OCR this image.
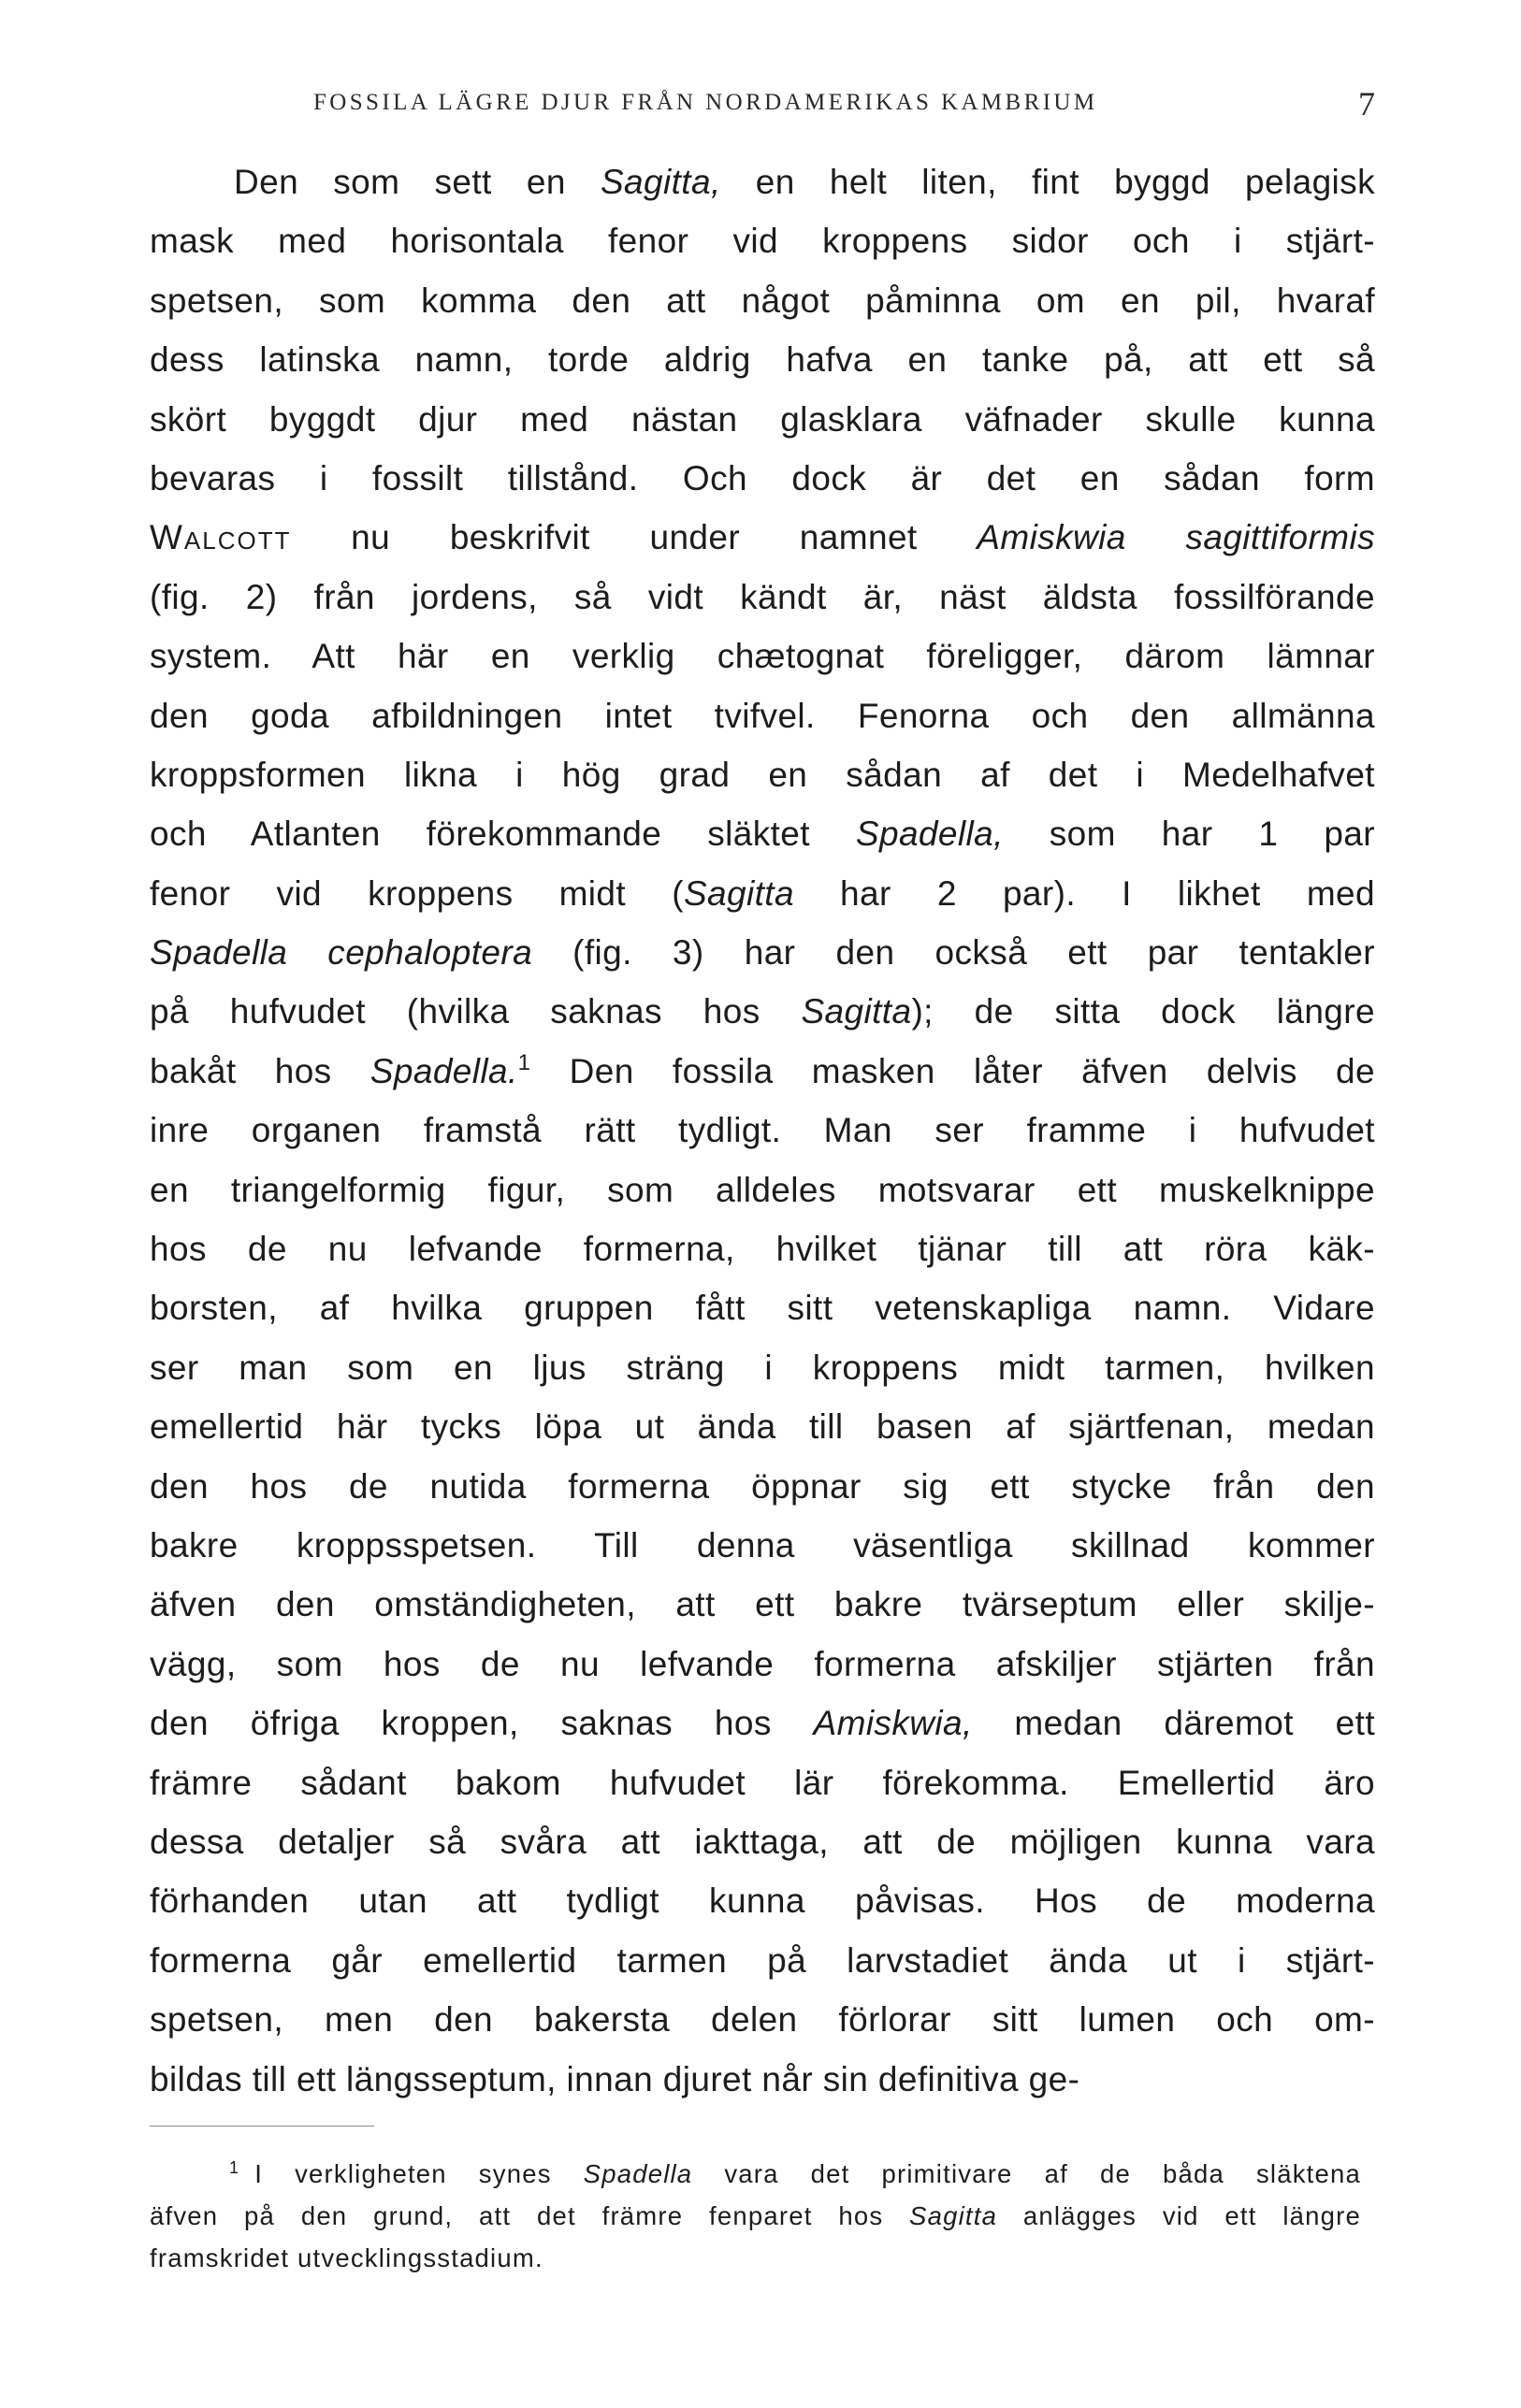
FOSSILA LÄGRE DJUR FRÅN NORDAMERIKAS KAMBRIUM	7
Den som sett en Sagitta, en helt liten, fint byggd pelagisk
mask med horisontala fenor vid kroppens sidor och i stjärt-
spetsen, som komma den att något påminna om en pil, hvaraf
dess latinska namn, torde aldrig hafva en tanke på, att ett så
skört byggdt djur med nästan glasklara väfnader skulle kunna
bevaras i fossilt tillstånd. Och dock är det en sådan form
Walcott nu beskrifvit under namnet Amiskwia sagittiformis
(fig. 2) från jordens, så vidt kändt är, näst äldsta fossilförande
system. Att här en verklig chætognat föreligger, därom lämnar
den goda afbildningen intet tvifvel. Fenorna och den allmänna
kroppsformen likna i hög grad en sådan af det i Medelhafvet
och Atlanten förekommande släktet Spadella, som har 1 par
fenor vid kroppens midt (Sagitta har 2 par). I likhet med
Spadella cephaloptera (fig. 3) har den också ett par tentakler
på hufvudet (hvilka saknas hos Sagitta); de sitta dock längre
bakåt hos Spadella.$^1$ Den fossila masken låter äfven delvis de
inre organen framstå rätt tydligt. Man ser framme i hufvudet
en triangelformig figur, som alldeles motsvarar ett muskelknippe
hos de nu lefvande formerna, hvilket tjänar till att röra käk-
borsten, af hvilka gruppen fått sitt vetenskapliga namn. Vidare
ser man som en ljus sträng i kroppens midt tarmen, hvilken
emellertid här tycks löpa ut ända till basen af sjärtfenan, medan
den hos de nutida formerna öppnar sig ett stycke från den
bakre kroppsspetsen. Till denna väsentliga skillnad kommer
äfven den omständigheten, att ett bakre tvärseptum eller skilje-
vägg, som hos de nu lefvande formerna afskiljer stjärten från
den öfriga kroppen, saknas hos Amiskwia, medan däremot ett
främre sådant bakom hufvudet lär förekomma. Emellertid äro
dessa detaljer så svåra att iakttaga, att de möjligen kunna vara
förhanden utan att tydligt kunna påvisas. Hos de moderna
formerna går emellertid tarmen på larvstadiet ända ut i stjärt-
spetsen, men den bakersta delen förlorar sitt lumen och om-
bildas till ett längsseptum, innan djuret når sin definitiva ge-
$^1$ I verkligheten synes Spadella vara det primitivare af de båda släktena
äfven på den grund, att det främre fenparet hos Sagitta anlägges vid ett längre
framskridet utvecklingsstadium.
